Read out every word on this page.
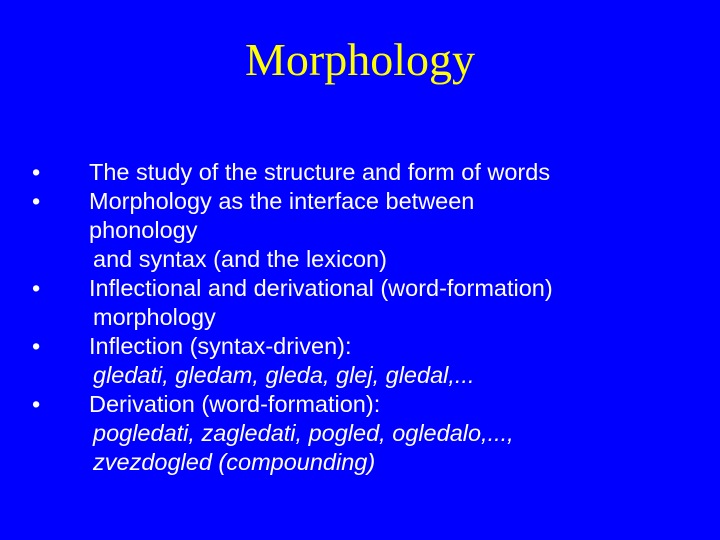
Morphology
• The study of the structure and form of words
• Morphology as the interface between
phonology
and syntax (and the lexicon)
• Inflectional and derivational (word-formation)
morphology
• Inflection (syntax-driven):
gledati, gledam, gleda, glej, gledal,...
• Derivation (word-formation):
pogledati, zagledati, pogled, ogledalo,...,
zvezdogled (compounding)
